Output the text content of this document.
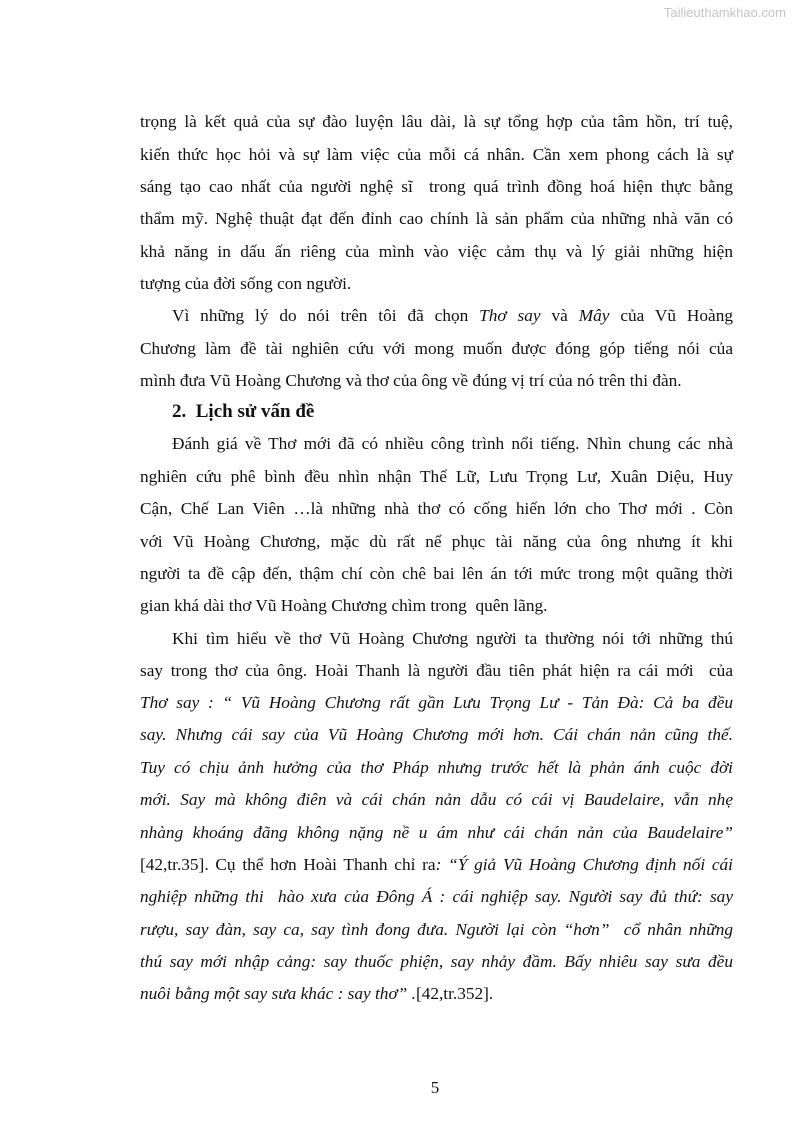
Tailieuthamkhao.com
trọng là kết quả của sự đào luyện lâu dài, là sự tổng hợp của tâm hồn, trí tuệ,
kiến thức học hỏi và sự làm việc của mỗi cá nhân. Cần xem phong cách là sự
sáng tạo cao nhất của người nghệ sĩ  trong quá trình đồng hoá hiện thực bằng
thẩm mỹ. Nghệ thuật đạt đến đỉnh cao chính là sản phẩm của những nhà văn có
khả năng in dấu ấn riêng của mình vào việc cảm thụ và lý giải những hiện
tượng của đời sống con người.
Vì những lý do nói trên tôi đã chọn Thơ say và Mây của Vũ Hoàng
Chương làm đề tài nghiên cứu với mong muốn được đóng góp tiếng nói của
mình đưa Vũ Hoàng Chương và thơ của ông về đúng vị trí của nó trên thi đàn.
2.  Lịch sử vấn đề
Đánh giá về Thơ mới đã có nhiều công trình nổi tiếng. Nhìn chung các nhà
nghiên cứu phê bình đều nhìn nhận Thế Lữ, Lưu Trọng Lư, Xuân Diệu, Huy
Cận, Chế Lan Viên …là những nhà thơ có cống hiến lớn cho Thơ mới . Còn
với Vũ Hoàng Chương, mặc dù rất nể phục tài năng của ông nhưng ít khi
người ta đề cập đến, thậm chí còn chê bai lên án tới mức trong một quãng thời
gian khá dài thơ Vũ Hoàng Chương chìm trong  quên lãng.
Khi tìm hiểu về thơ Vũ Hoàng Chương người ta thường nói tới những thú
say trong thơ của ông. Hoài Thanh là người đầu tiên phát hiện ra cái mới  của
Thơ say : “ Vũ Hoàng Chương rất gần Lưu Trọng Lư - Tản Đà: Cả ba đều
say. Nhưng cái say của Vũ Hoàng Chương mới hơn. Cái chán nản cũng thế.
Tuy có chịu ảnh hưởng của thơ Pháp nhưng trước hết là phản ánh cuộc đời
mới. Say mà không điên và cái chán nản dẫu có cái vị Baudelaire, vẫn nhẹ
nhàng khoáng đãng không nặng nề u ám như cái chán nản của Baudelaire”
[42,tr.35]. Cụ thể hơn Hoài Thanh chỉ ra: “Ý giả Vũ Hoàng Chương định nối cái
nghiệp những thi  hào xưa của Đông Á : cái nghiệp say. Người say đủ thứ: say
rượu, say đàn, say ca, say tình đong đưa. Người lại còn “hơn”  cổ nhân những
thú say mới nhập cảng: say thuốc phiện, say nhảy đầm. Bấy nhiêu say sưa đều
nuôi bằng một say sưa khác : say thơ” .[42,tr.352].
5
